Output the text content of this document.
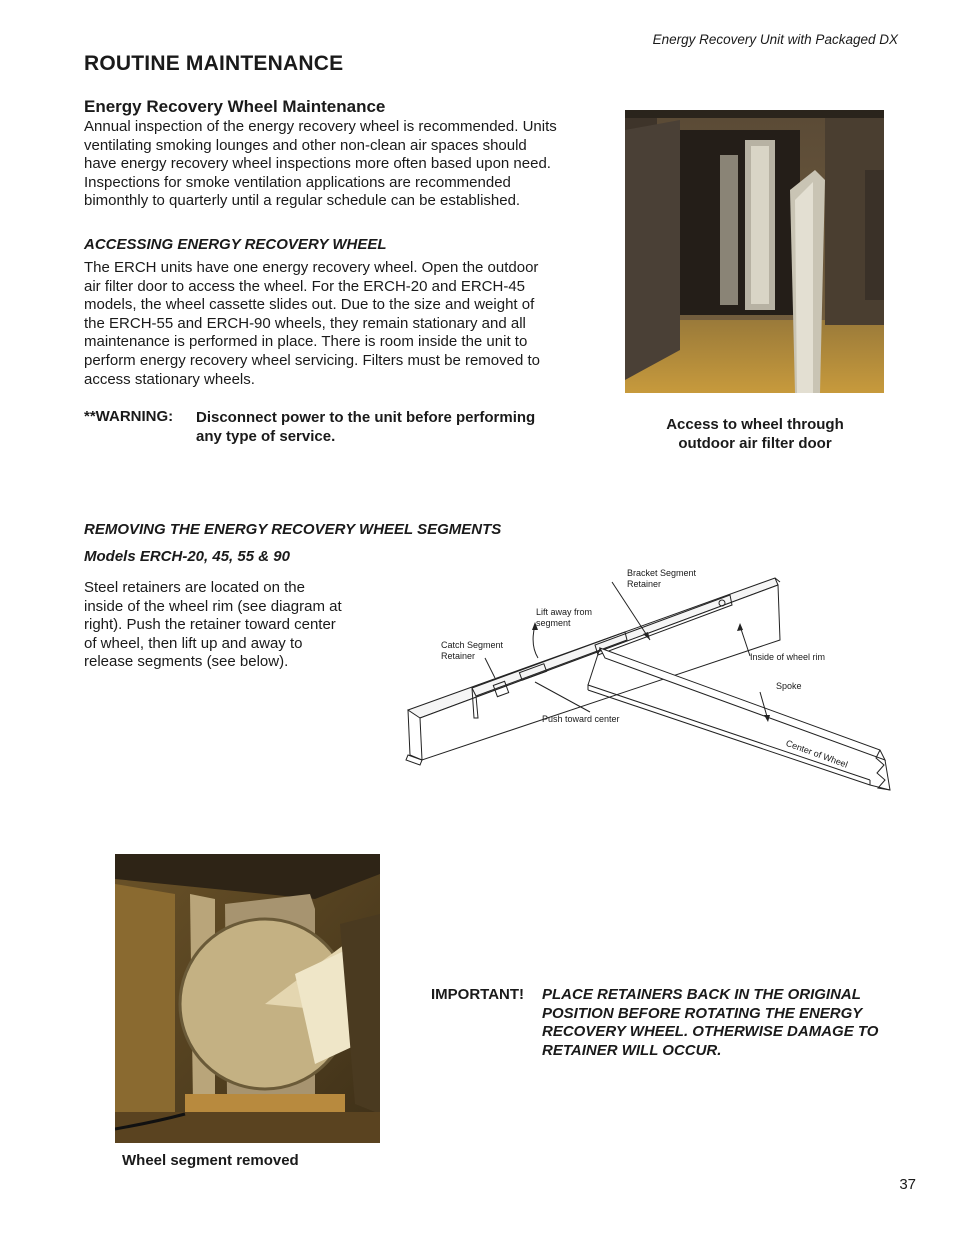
Energy Recovery Unit with Packaged DX
ROUTINE MAINTENANCE
Energy Recovery Wheel Maintenance
Annual inspection of the energy recovery wheel is recommended. Units
ventilating smoking lounges and other non-clean air spaces should
have energy recovery wheel inspections more often based upon need.
Inspections for smoke ventilation applications are recommended
bimonthly to quarterly until a regular schedule can be established.
ACCESSING ENERGY RECOVERY WHEEL
The ERCH units have one energy recovery wheel. Open the outdoor
air filter door to access the wheel. For the ERCH-20 and ERCH-45
models, the wheel cassette slides out. Due to the size and weight of
the ERCH-55 and ERCH-90 wheels, they remain stationary and all
maintenance is performed in place. There is room inside the unit to
perform energy recovery wheel servicing. Filters must be removed to
access stationary wheels.
**WARNING: Disconnect power to the unit before performing
any type of service.
Access to wheel through
outdoor air filter door
REMOVING THE ENERGY RECOVERY WHEEL SEGMENTS
Models ERCH-20, 45, 55 & 90
Steel retainers are located on the
inside of the wheel rim (see diagram at
right). Push the retainer toward center
of wheel, then lift up and away to
release segments (see below).
Bracket Segment
Retainer
Lift away from
segment
Catch Segment
Retainer	Inside of wheel rim
Spoke
Push toward center
Center of Wheel
Wheel segment removed
IMPORTANT! PLACE RETAINERS BACK IN THE ORIGINAL
POSITION BEFORE ROTATING THE ENERGY
RECOVERY WHEEL. OTHERWISE DAMAGE TO
RETAINER WILL OCCUR.
37
